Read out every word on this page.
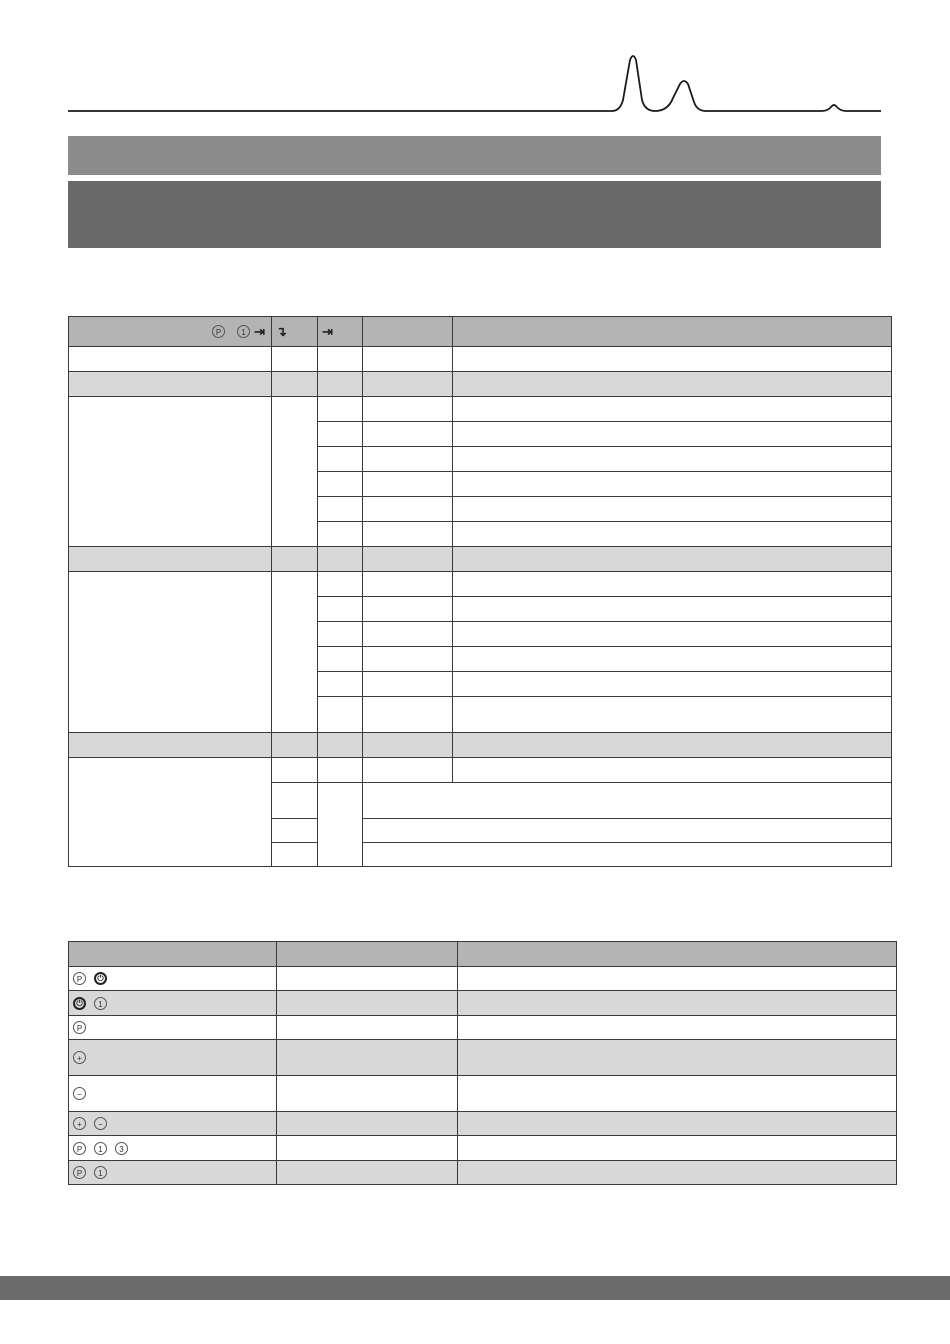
P 1 ⇥	↴	⇥		

P ⏻		
⏻ 1		
P		
+		
−		
+ −		
P 1 3		
P 1		
